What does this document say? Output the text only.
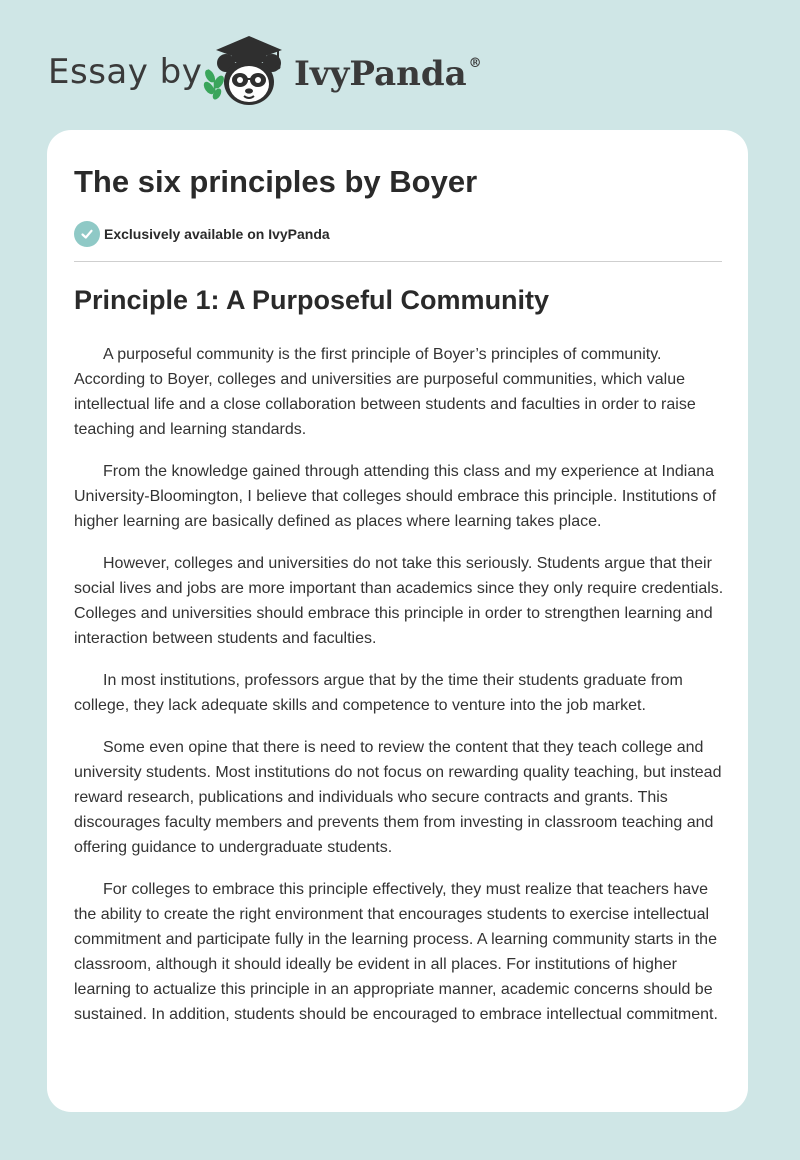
Essay by	IvyPanda ®
The six principles by Boyer
Exclusively available on IvyPanda
Principle 1: A Purposeful Community

A purposeful community is the first principle of Boyer’s principles of community. According to Boyer, colleges and universities are purposeful communities, which value intellectual life and a close collaboration between students and faculties in order to raise teaching and learning standards.

From the knowledge gained through attending this class and my experience at Indiana University-Bloomington, I believe that colleges should embrace this principle. Institutions of higher learning are basically defined as places where learning takes place.

However, colleges and universities do not take this seriously. Students argue that their social lives and jobs are more important than academics since they only require credentials. Colleges and universities should embrace this principle in order to strengthen learning and interaction between students and faculties.

In most institutions, professors argue that by the time their students graduate from college, they lack adequate skills and competence to venture into the job market.

Some even opine that there is need to review the content that they teach college and university students. Most institutions do not focus on rewarding quality teaching, but instead reward research, publications and individuals who secure contracts and grants. This discourages faculty members and prevents them from investing in classroom teaching and offering guidance to undergraduate students.

For colleges to embrace this principle effectively, they must realize that teachers have the ability to create the right environment that encourages students to exercise intellectual commitment and participate fully in the learning process. A learning community starts in the classroom, although it should ideally be evident in all places. For institutions of higher learning to actualize this principle in an appropriate manner, academic concerns should be sustained. In addition, students should be encouraged to embrace intellectual commitment.
